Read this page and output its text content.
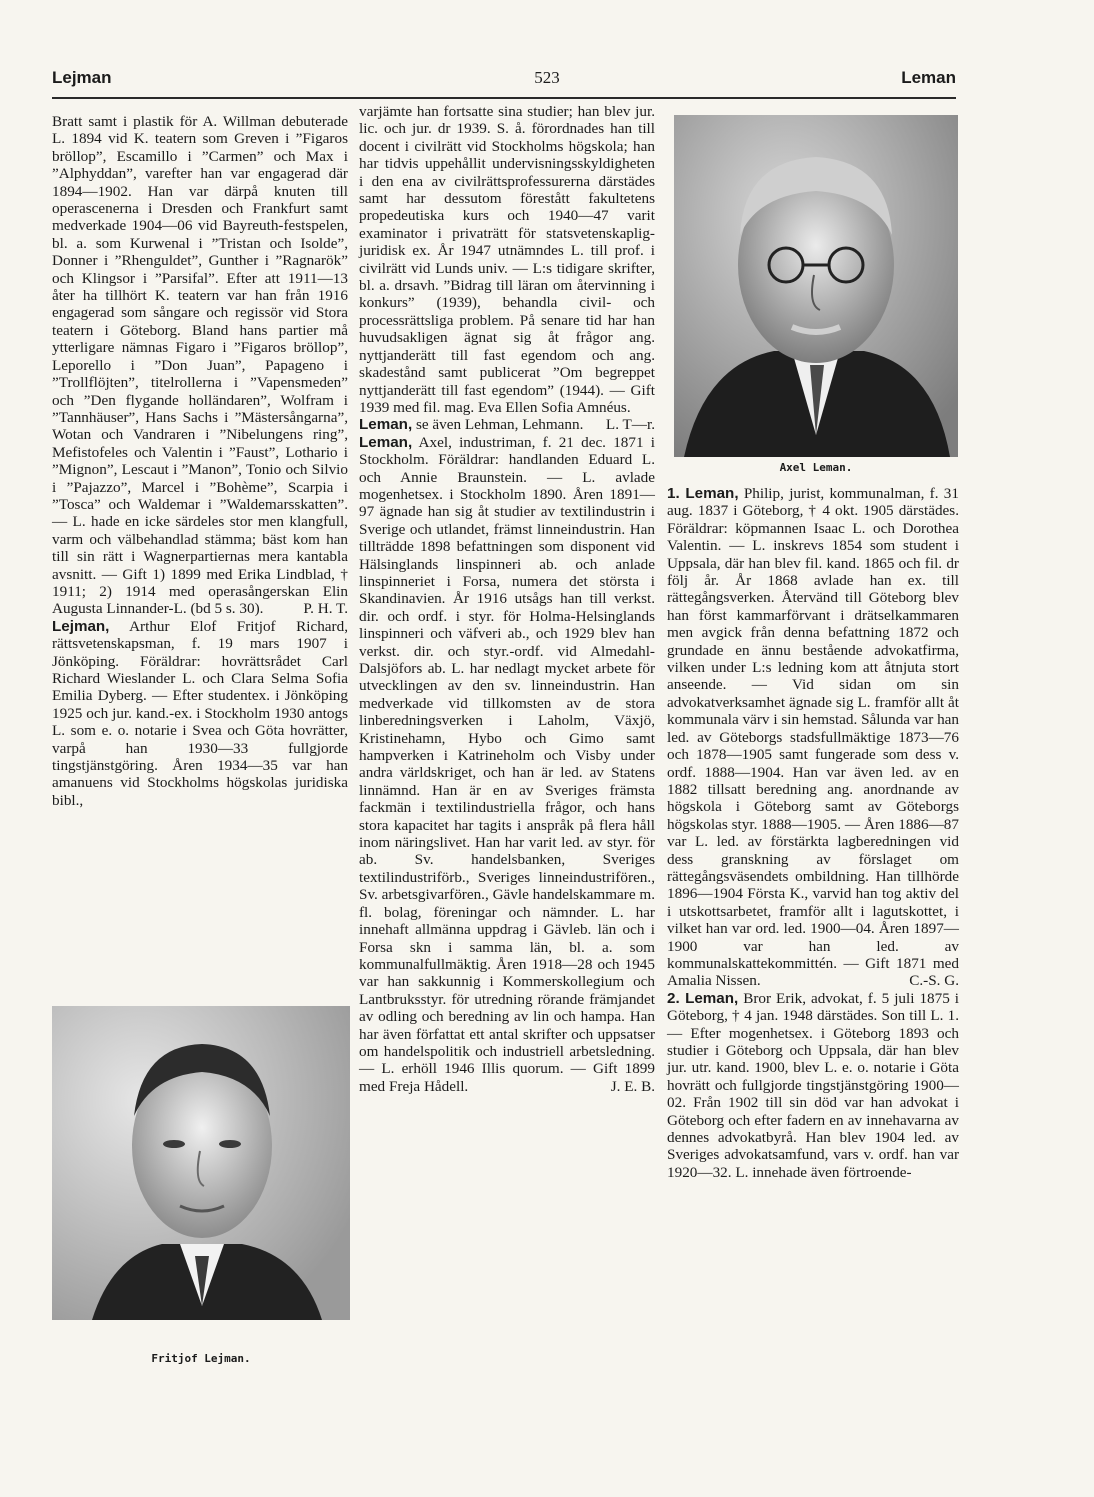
Lejman	523	Leman

Bratt samt i plastik för A. Willman debuterade L. 1894 vid K. teatern som Greven i ”Figaros bröllop”, Escamillo i ”Carmen” och Max i ”Alphyddan”, varefter han var engagerad där 1894—1902. Han var därpå knuten till operascenerna i Dresden och Frankfurt samt medverkade 1904—06 vid Bayreuth-festspelen, bl. a. som Kurwenal i ”Tristan och Isolde”, Donner i ”Rhenguldet”, Gunther i ”Ragnarök” och Klingsor i ”Parsifal”. Efter att 1911—13 åter ha tillhört K. teatern var han från 1916 engagerad som sångare och regissör vid Stora teatern i Göteborg. Bland hans partier må ytterligare nämnas Figaro i ”Figaros bröllop”, Leporello i ”Don Juan”, Papageno i ”Trollflöjten”, titelrollerna i ”Vapensmeden” och ”Den flygande holländaren”, Wolfram i ”Tannhäuser”, Hans Sachs i ”Mästersångarna”, Wotan och Vandraren i ”Nibelungens ring”, Mefistofeles och Valentin i ”Faust”, Lothario i ”Mignon”, Lescaut i ”Manon”, Tonio och Silvio i ”Pajazzo”, Marcel i ”Bohème”, Scarpia i ”Tosca” och Waldemar i ”Waldemarsskatten”. — L. hade en icke särdeles stor men klangfull, varm och välbehandlad stämma; bäst kom han till sin rätt i Wagnerpartiernas mera kantabla avsnitt. — Gift 1) 1899 med Erika Lindblad, † 1911; 2) 1914 med operasångerskan Elin Augusta Linnander-L. (bd 5 s. 30).	P. H. T.

Lejman, Arthur Elof Fritjof Richard, rättsvetenskapsman, f. 19 mars 1907 i Jönköping. Föräldrar: hovrättsrådet Carl Richard Wieslander L. och Clara Selma Sofia Emilia Dyberg. — Efter studentex. i Jönköping 1925 och jur. kand.-ex. i Stockholm 1930 antogs L. som e. o. notarie i Svea och Göta hovrätter, varpå han 1930—33 fullgjorde tingstjänstgöring. Åren 1934—35 var han amanuens vid Stockholms högskolas juridiska bibl.,

Fritjof Lejman.

varjämte han fortsatte sina studier; han blev jur. lic. och jur. dr 1939. S. å. förordnades han till docent i civilrätt vid Stockholms högskola; han har tidvis uppehållit undervisningsskyldigheten i den ena av civilrättsprofessurerna därstädes samt har dessutom förestått fakultetens propedeutiska kurs och 1940—47 varit examinator i privaträtt för statsvetenskaplig-juridisk ex. År 1947 utnämndes L. till prof. i civilrätt vid Lunds univ. — L:s tidigare skrifter, bl. a. drsavh. ”Bidrag till läran om återvinning i konkurs” (1939), behandla civil- och processrättsliga problem. På senare tid har han huvudsakligen ägnat sig åt frågor ang. nyttjanderätt till fast egendom och ang. skadestånd samt publicerat ”Om begreppet nyttjanderätt till fast egendom” (1944). — Gift 1939 med fil. mag. Eva Ellen Sofia Amnéus.
L. T—r.

Leman, se även Lehman, Lehmann.

Leman, Axel, industriman, f. 21 dec. 1871 i Stockholm. Föräldrar: handlanden Eduard L. och Annie Braunstein. — L. avlade mogenhetsex. i Stockholm 1890. Åren 1891—97 ägnade han sig åt studier av textilindustrin i Sverige och utlandet, främst linneindustrin. Han tillträdde 1898 befattningen som disponent vid Hälsinglands linspinneri ab. och anlade linspinneriet i Forsa, numera det största i Skandinavien. År 1916 utsågs han till verkst. dir. och ordf. i styr. för Holma-Helsinglands linspinneri och väfveri ab., och 1929 blev han verkst. dir. och styr.-ordf. vid Almedahl-Dalsjöfors ab. L. har nedlagt mycket arbete för utvecklingen av den sv. linneindustrin. Han medverkade vid tillkomsten av de stora linberedningsverken i Laholm, Växjö, Kristinehamn, Hybo och Gimo samt hampverken i Katrineholm och Visby under andra världskriget, och han är led. av Statens linnämnd. Han är en av Sveriges främsta fackmän i textilindustriella frågor, och hans stora kapacitet har tagits i anspråk på flera håll inom näringslivet. Han har varit led. av styr. för ab. Sv. handelsbanken, Sveriges textilindustriförb., Sveriges linneindustrifören., Sv. arbetsgivarfören., Gävle handelskammare m. fl. bolag, föreningar och nämnder. L. har innehaft allmänna uppdrag i Gävleb. län och i Forsa skn i samma län, bl. a. som kommunalfullmäktig. Åren 1918—28 och 1945 var han sakkunnig i Kommerskollegium och Lantbruksstyr. för utredning rörande främjandet av odling och beredning av lin och hampa. Han har även författat ett antal skrifter och uppsatser om handelspolitik och industriell arbetsledning. — L. erhöll 1946 Illis quorum. — Gift 1899 med Freja Hådell.	J. E. B.

Axel Leman.

1. Leman, Philip, jurist, kommunalman, f. 31 aug. 1837 i Göteborg, † 4 okt. 1905 därstädes. Föräldrar: köpmannen Isaac L. och Dorothea Valentin. — L. inskrevs 1854 som student i Uppsala, där han blev fil. kand. 1865 och fil. dr följ år. År 1868 avlade han ex. till rättegångsverken. Återvänd till Göteborg blev han först kammarförvant i drätselkammaren men avgick från denna befattning 1872 och grundade en ännu bestående advokatfirma, vilken under L:s ledning kom att åtnjuta stort anseende. — Vid sidan om sin advokatverksamhet ägnade sig L. framför allt åt kommunala värv i sin hemstad. Sålunda var han led. av Göteborgs stadsfullmäktige 1873—76 och 1878—1905 samt fungerade som dess v. ordf. 1888—1904. Han var även led. av en 1882 tillsatt beredning ang. anordnande av högskola i Göteborg samt av Göteborgs högskolas styr. 1888—1905. — Åren 1886—87 var L. led. av förstärkta lagberedningen vid dess granskning av förslaget om rättegångsväsendets ombildning. Han tillhörde 1896—1904 Första K., varvid han tog aktiv del i utskottsarbetet, framför allt i lagutskottet, i vilket han var ord. led. 1900—04. Åren 1897—1900 var han led. av kommunalskattekommittén. — Gift 1871 med Amalia Nissen.	C.-S. G.

2. Leman, Bror Erik, advokat, f. 5 juli 1875 i Göteborg, † 4 jan. 1948 därstädes. Son till L. 1. — Efter mogenhetsex. i Göteborg 1893 och studier i Göteborg och Uppsala, där han blev jur. utr. kand. 1900, blev L. e. o. notarie i Göta hovrätt och fullgjorde tingstjänstgöring 1900—02. Från 1902 till sin död var han advokat i Göteborg och efter fadern en av innehavarna av dennes advokatbyrå. Han blev 1904 led. av Sveriges advokatsamfund, vars v. ordf. han var 1920—32. L. innehade även förtroende-
